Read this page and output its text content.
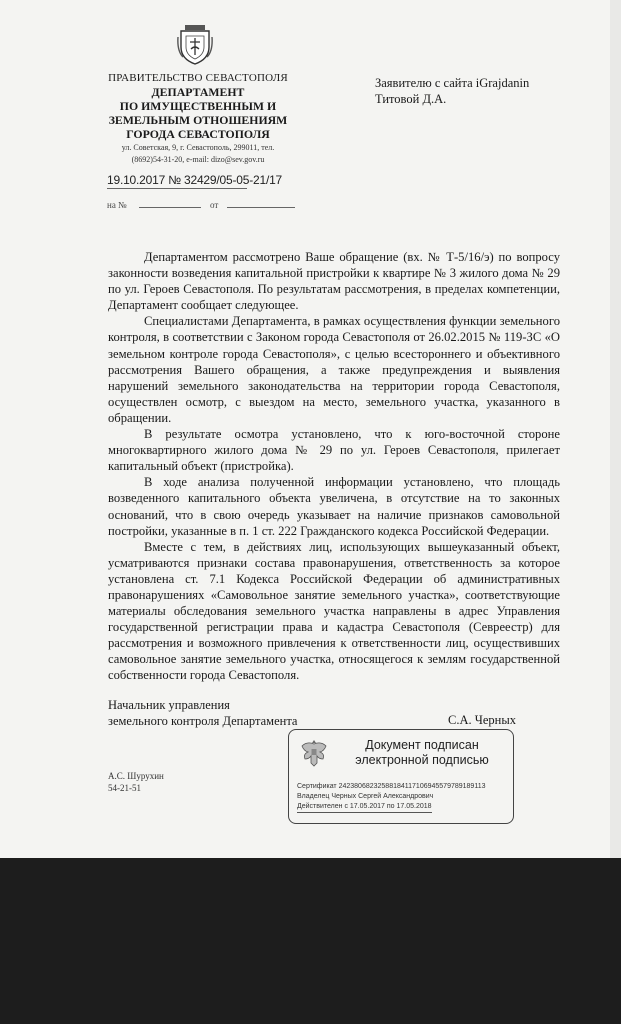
ПРАВИТЕЛЬСТВО СЕВАСТОПОЛЯ
ДЕПАРТАМЕНТ
ПО ИМУЩЕСТВЕННЫМ И
ЗЕМЕЛЬНЫМ ОТНОШЕНИЯМ
ГОРОДА СЕВАСТОПОЛЯ
ул. Советская, 9, г. Севастополь, 299011, тел.
(8692)54-31-20, e-mail: dizo@sev.gov.ru
19.10.2017 № 32429/05-05-21/17
на №	от
Заявителю с сайта iGrajdanin
Титовой Д.А.

Департаментом рассмотрено Ваше обращение (вх. № Т-5/16/э) по вопросу законности возведения капитальной пристройки к квартире № 3 жилого дома № 29 по ул. Героев Севастополя. По результатам рассмотрения, в пределах компетенции, Департамент сообщает следующее.

Специалистами Департамента, в рамках осуществления функции земельного контроля, в соответствии с Законом города Севастополя от 26.02.2015 № 119-ЗС «О земельном контроле города Севастополя», с целью всестороннего и объективного рассмотрения Вашего обращения, а также предупреждения и выявления нарушений земельного законодательства на территории города Севастополя, осуществлен осмотр, с выездом на место, земельного участка, указанного в обращении.

В результате осмотра установлено, что к юго-восточной стороне многоквартирного жилого дома № 29 по ул. Героев Севастополя, прилегает капитальный объект (пристройка).

В ходе анализа полученной информации установлено, что площадь возведенного капитального объекта увеличена, в отсутствие на то законных оснований, что в свою очередь указывает на наличие признаков самовольной постройки, указанные в п. 1 ст. 222 Гражданского кодекса Российской Федерации.

Вместе с тем, в действиях лиц, использующих вышеуказанный объект, усматриваются признаки состава правонарушения, ответственность за которое установлена ст. 7.1 Кодекса Российской Федерации об административных правонарушениях «Самовольное занятие земельного участка», соответствующие материалы обследования земельного участка направлены в адрес Управления государственной регистрации права и кадастра Севастополя (Севреестр) для рассмотрения и возможного привлечения к ответственности лиц, осуществивших самовольное занятие земельного участка, относящегося к землям государственной собственности города Севастополя.

Начальник управления
земельного контроля Департамента	С.А. Черных
Документ подписан
электронной подписью
Сертификат 24238068232588184117106945579789189113
Владелец Черных Сергей Александрович
Действителен с 17.05.2017 по 17.05.2018
А.С. Шурухин
54-21-51
